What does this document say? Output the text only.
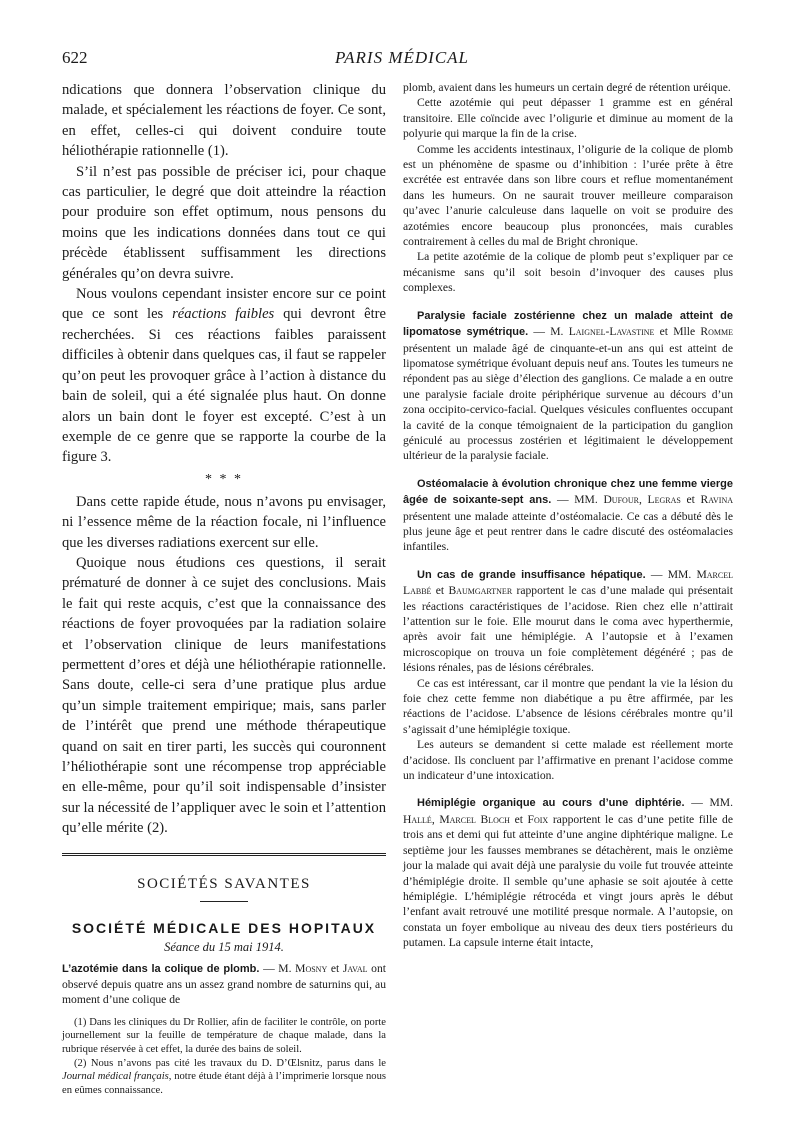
622	PARIS MÉDICAL

ndications que donnera l’observation clinique du malade, et spécialement les réactions de foyer. Ce sont, en effet, celles-ci qui doivent conduire toute héliothérapie rationnelle (1).

S’il n’est pas possible de préciser ici, pour chaque cas particulier, le degré que doit atteindre la réaction pour produire son effet optimum, nous pensons du moins que les indications données dans tout ce qui précède établissent suffisamment les directions générales qu’on devra suivre.

Nous voulons cependant insister encore sur ce point que ce sont les réactions faibles qui devront être recherchées. Si ces réactions faibles paraissent difficiles à obtenir dans quelques cas, il faut se rappeler qu’on peut les provoquer grâce à l’action à distance du bain de soleil, qui a été signalée plus haut. On donne alors un bain dont le foyer est excepté. C’est à un exemple de ce genre que se rapporte la courbe de la figure 3.

* * *

Dans cette rapide étude, nous n’avons pu envisager, ni l’essence même de la réaction focale, ni l’influence que les diverses radiations exercent sur elle.

Quoique nous étudions ces questions, il serait prématuré de donner à ce sujet des conclusions. Mais le fait qui reste acquis, c’est que la connaissance des réactions de foyer provoquées par la radiation solaire et l’observation clinique de leurs manifestations permettent d’ores et déjà une héliothérapie rationnelle. Sans doute, celle-ci sera d’une pratique plus ardue qu’un simple traitement empirique; mais, sans parler de l’intérêt que prend une méthode thérapeutique quand on sait en tirer parti, les succès qui couronnent l’héliothérapie sont une récompense trop appréciable en elle-même, pour qu’il soit indispensable d’insister sur la nécessité de l’appliquer avec le soin et l’attention qu’elle mérite (2).

SOCIÉTÉS SAVANTES
SOCIÉTÉ MÉDICALE DES HOPITAUX
Séance du 15 mai 1914.

L’azotémie dans la colique de plomb. — M. Mosny et Javal ont observé depuis quatre ans un assez grand nombre de saturnins qui, au moment d’une colique de

(1) Dans les cliniques du Dr Rollier, afin de faciliter le contrôle, on porte journellement sur la feuille de température de chaque malade, dans la rubrique réservée à cet effet, la durée des bains de soleil.

(2) Nous n’avons pas cité les travaux du D. D’Œlsnitz, parus dans le Journal médical français, notre étude étant déjà à l’imprimerie lorsque nous en eûmes connaissance.

plomb, avaient dans les humeurs un certain degré de rétention uréique.

Cette azotémie qui peut dépasser 1 gramme est en général transitoire. Elle coïncide avec l’oligurie et diminue au moment de la polyurie qui marque la fin de la crise.

Comme les accidents intestinaux, l’oligurie de la colique de plomb est un phénomène de spasme ou d’inhibition : l’urée prête à être excrétée est entravée dans son libre cours et reflue momentanément dans les humeurs. On ne saurait trouver meilleure comparaison qu’avec l’anurie calculeuse dans laquelle on voit se produire des azotémies encore beaucoup plus prononcées, mais curables contrairement à celles du mal de Bright chronique.

La petite azotémie de la colique de plomb peut s’expliquer par ce mécanisme sans qu’il soit besoin d’invoquer des causes plus complexes.

Paralysie faciale zostérienne chez un malade atteint de lipomatose symétrique. — M. Laignel-Lavastine et Mlle Romme présentent un malade âgé de cinquante-et-un ans qui est atteint de lipomatose symétrique évoluant depuis neuf ans. Toutes les tumeurs ne répondent pas au siège d’élection des ganglions. Ce malade a en outre une paralysie faciale droite périphérique survenue au décours d’un zona occipito-cervico-facial. Quelques vésicules confluentes occupant la cavité de la conque témoignaient de la participation du ganglion géniculé au processus zostérien et légitimaient le développement ultérieur de la paralysie faciale.

Ostéomalacie à évolution chronique chez une femme vierge âgée de soixante-sept ans. — MM. Dufour, Legras et Ravina présentent une malade atteinte d’ostéomalacie. Ce cas a débuté dès le plus jeune âge et peut rentrer dans le cadre discuté des ostéomalacies infantiles.

Un cas de grande insuffisance hépatique. — MM. Marcel Labbé et Baumgartner rapportent le cas d’une malade qui présentait les réactions caractéristiques de l’acidose. Rien chez elle n’attirait l’attention sur le foie. Elle mourut dans le coma avec hyperthermie, après avoir fait une hémiplégie. A l’autopsie et à l’examen microscopique on trouva un foie complètement dégénéré ; pas de lésions rénales, pas de lésions cérébrales.

Ce cas est intéressant, car il montre que pendant la vie la lésion du foie chez cette femme non diabétique a pu être affirmée, par les réactions de l’acidose. L’absence de lésions cérébrales montre qu’il s’agissait d’une hémiplégie toxique.

Les auteurs se demandent si cette malade est réellement morte d’acidose. Ils concluent par l’affirmative en prenant l’acidose comme un indicateur d’une intoxication.

Hémiplégie organique au cours d’une diphtérie. — MM. Hallé, Marcel Bloch et Foix rapportent le cas d’une petite fille de trois ans et demi qui fut atteinte d’une angine diphtérique maligne. Le septième jour les fausses membranes se détachèrent, mais le onzième jour la malade qui avait déjà une paralysie du voile fut trouvée atteinte d’hémiplégie droite. Il semble qu’une aphasie se soit ajoutée à cette hémiplégie. L’hémiplégie rétrocéda et vingt jours après le début l’enfant avait retrouvé une motilité presque normale. A l’autopsie, on constata un foyer embolique au niveau des deux tiers postérieurs du putamen. La capsule interne était intacte,
